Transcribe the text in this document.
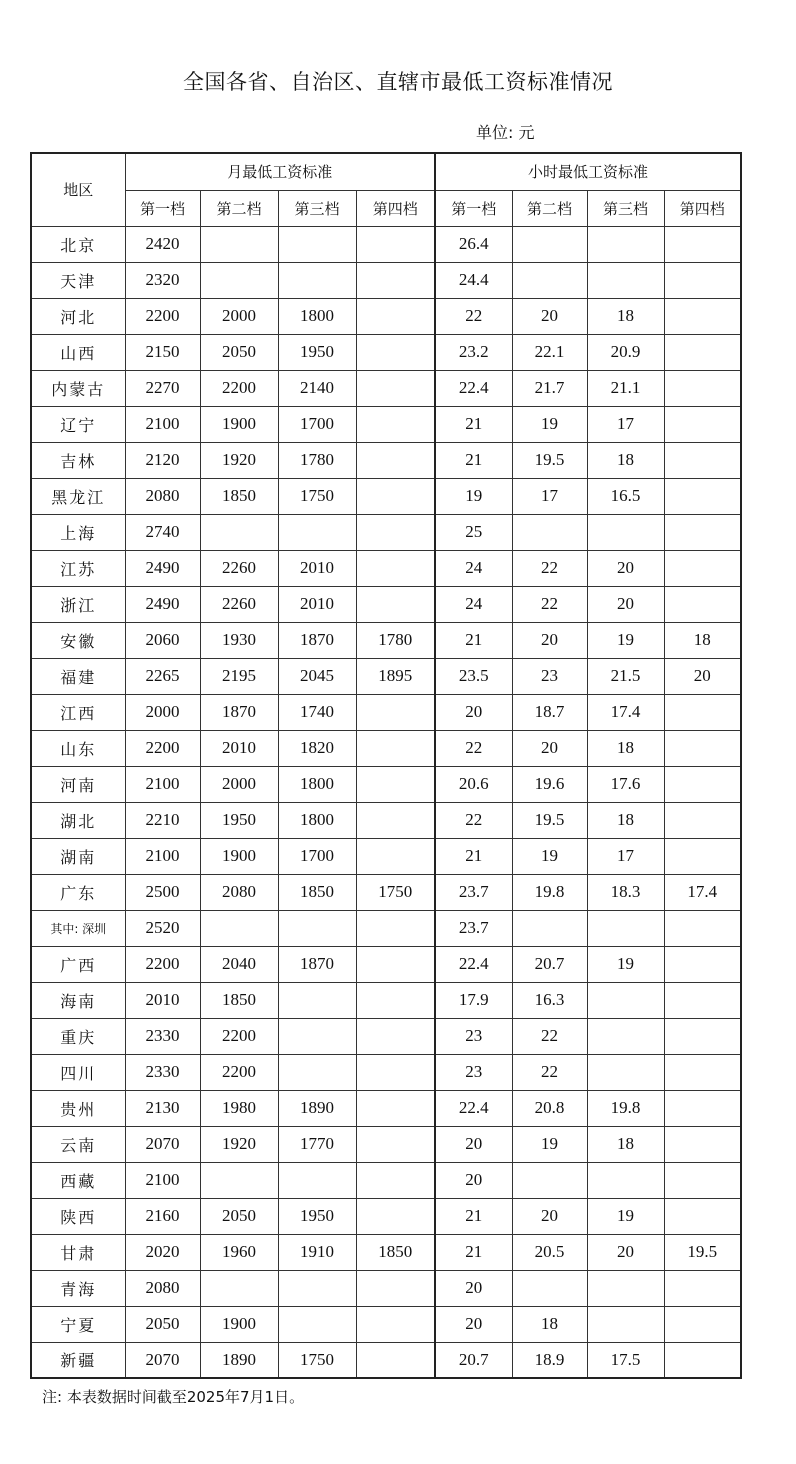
全国各省、自治区、直辖市最低工资标准情况
单位: 元
地区	月最低工资标准				小时最低工资标准			
	第一档	第二档	第三档	第四档	第一档	第二档	第三档	第四档
北京	2420				26.4			
天津	2320				24.4			
河北	2200	2000	1800		22	20	18	
山西	2150	2050	1950		23.2	22.1	20.9	
内蒙古	2270	2200	2140		22.4	21.7	21.1	
辽宁	2100	1900	1700		21	19	17	
吉林	2120	1920	1780		21	19.5	18	
黑龙江	2080	1850	1750		19	17	16.5	
上海	2740				25			
江苏	2490	2260	2010		24	22	20	
浙江	2490	2260	2010		24	22	20	
安徽	2060	1930	1870	1780	21	20	19	18
福建	2265	2195	2045	1895	23.5	23	21.5	20
江西	2000	1870	1740		20	18.7	17.4	
山东	2200	2010	1820		22	20	18	
河南	2100	2000	1800		20.6	19.6	17.6	
湖北	2210	1950	1800		22	19.5	18	
湖南	2100	1900	1700		21	19	17	
广东	2500	2080	1850	1750	23.7	19.8	18.3	17.4
其中: 深圳	2520				23.7			
广西	2200	2040	1870		22.4	20.7	19	
海南	2010	1850			17.9	16.3		
重庆	2330	2200			23	22		
四川	2330	2200			23	22		
贵州	2130	1980	1890		22.4	20.8	19.8	
云南	2070	1920	1770		20	19	18	
西藏	2100				20			
陕西	2160	2050	1950		21	20	19	
甘肃	2020	1960	1910	1850	21	20.5	20	19.5
青海	2080				20			
宁夏	2050	1900			20	18		
新疆	2070	1890	1750		20.7	18.9	17.5	
注: 本表数据时间截至2025年7月1日。
